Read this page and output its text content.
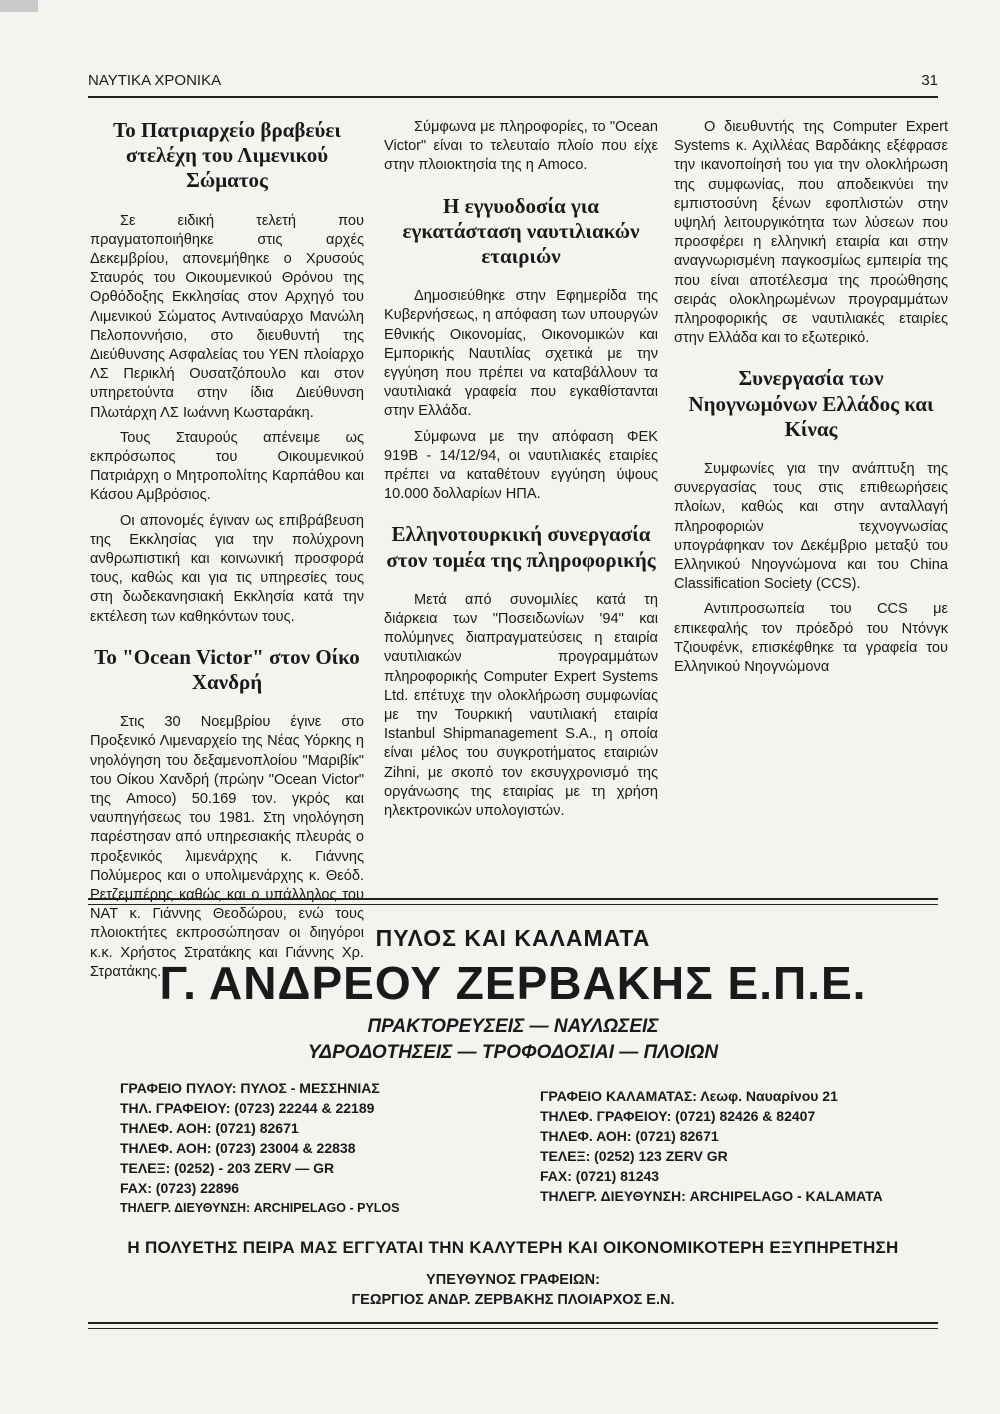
ΝΑΥΤΙΚΑ ΧΡΟΝΙΚΑ	31
Το Πατριαρχείο βραβεύει στελέχη του Λιμενικού Σώματος

Σε ειδική τελετή που πραγματοποιήθηκε στις αρχές Δεκεμβρίου, απονεμήθηκε ο Χρυσούς Σταυρός του Οικουμενικού Θρόνου της Ορθόδοξης Εκκλησίας στον Αρχηγό του Λιμενικού Σώματος Αντιναύαρχο Μανώλη Πελοποννήσιο, στο διευθυντή της Διεύθυνσης Ασφαλείας του ΥΕΝ πλοίαρχο ΛΣ Περικλή Ουσατζόπουλο και στον υπηρετούντα στην ίδια Διεύθυνση Πλωτάρχη ΛΣ Ιωάννη Κωσταράκη.

Τους Σταυρούς απένειμε ως εκπρόσωπος του Οικουμενικού Πατριάρχη ο Μητροπολίτης Καρπάθου και Κάσου Αμβρόσιος.

Οι απονομές έγιναν ως επιβράβευση της Εκκλησίας για την πολύχρονη ανθρωπιστική και κοινωνική προσφορά τους, καθώς και για τις υπηρεσίες τους στη δωδεκανησιακή Εκκλησία κατά την εκτέλεση των καθηκόντων τους.

Το "Ocean Victor" στον Οίκο Χανδρή

Στις 30 Νοεμβρίου έγινε στο Προξενικό Λιμεναρχείο της Νέας Υόρκης η νηολόγηση του δεξαμενοπλοίου "Μαριβίκ" του Οίκου Χανδρή (πρώην "Ocean Victor" της Amoco) 50.169 τον. γκρός και ναυπηγήσεως του 1981. Στη νηολόγηση παρέστησαν από υπηρεσιακής πλευράς ο προξενικός λιμενάρχης κ. Γιάννης Πολύμερος και ο υπολιμενάρχης κ. Θεόδ. Ρετζεμπέρης καθώς και ο υπάλληλος του ΝΑΤ κ. Γιάννης Θεοδώρου, ενώ τους πλοιοκτήτες εκπροσώπησαν οι διηγόροι κ.κ. Χρήστος Στρατάκης και Γιάννης Χρ. Στρατάκης.

Σύμφωνα με πληροφορίες, το "Ocean Victor" είναι το τελευταίο πλοίο που είχε στην πλοιοκτησία της η Amoco.

Η εγγυοδοσία για εγκατάσταση ναυτιλιακών εταιριών

Δημοσιεύθηκε στην Εφημερίδα της Κυβερνήσεως, η απόφαση των υπουργών Εθνικής Οικονομίας, Οικονομικών και Εμπορικής Ναυτιλίας σχετικά με την εγγύηση που πρέπει να καταβάλλουν τα ναυτιλιακά γραφεία που εγκαθίστανται στην Ελλάδα.

Σύμφωνα με την απόφαση ΦΕΚ 919Β - 14/12/94, οι ναυτιλιακές εταιρίες πρέπει να καταθέτουν εγγύηση ύψους 10.000 δολλαρίων ΗΠΑ.

Ελληνοτουρκική συνεργασία στον τομέα της πληροφορικής

Μετά από συνομιλίες κατά τη διάρκεια των "Ποσειδωνίων '94" και πολύμηνες διαπραγματεύσεις η εταιρία ναυτιλιακών προγραμμάτων πληροφορικής Computer Expert Systems Ltd. επέτυχε την ολοκλήρωση συμφωνίας με την Τουρκική ναυτιλιακή εταιρία Istanbul Shipmanagement S.A., η οποία είναι μέλος του συγκροτήματος εταιριών Zihni, με σκοπό τον εκσυγχρονισμό της οργάνωσης της εταιρίας με τη χρήση ηλεκτρονικών υπολογιστών.

Ο διευθυντής της Computer Expert Systems κ. Αχιλλέας Βαρδάκης εξέφρασε την ικανοποίησή του για την ολοκλήρωση της συμφωνίας, που αποδεικνύει την εμπιστοσύνη ξένων εφοπλιστών στην υψηλή λειτουργικότητα των λύσεων που προσφέρει η ελληνική εταιρία και στην αναγνωρισμένη παγκοσμίως εμπειρία της που είναι αποτέλεσμα της προώθησης σειράς ολοκληρωμένων προγραμμάτων πληροφορικής σε ναυτιλιακές εταιρίες στην Ελλάδα και το εξωτερικό.

Συνεργασία των Νηογνωμόνων Ελλάδος και Κίνας

Συμφωνίες για την ανάπτυξη της συνεργασίας τους στις επιθεωρήσεις πλοίων, καθώς και στην ανταλλαγή πληροφοριών τεχνογνωσίας υπογράφηκαν τον Δεκέμβριο μεταξύ του Ελληνικού Νηογνώμονα και του China Classification Society (CCS).

Αντιπροσωπεία του CCS με επικεφαλής τον πρόεδρό του Ντόνγκ Τζιουφένκ, επισκέφθηκε τα γραφεία του Ελληνικού Νηογνώμονα

ΠΥΛΟΣ ΚΑΙ ΚΑΛΑΜΑΤΑ
Γ. ΑΝΔΡΕΟΥ ΖΕΡΒΑΚΗΣ Ε.Π.Ε.
ΠΡΑΚΤΟΡΕΥΣΕΙΣ — ΝΑΥΛΩΣΕΙΣ
ΥΔΡΟΔΟΤΗΣΕΙΣ — ΤΡΟΦΟΔΟΣΙΑΙ — ΠΛΟΙΩΝ
ΓΡΑΦΕΙΟ ΠΥΛΟΥ: ΠΥΛΟΣ - ΜΕΣΣΗΝΙΑΣ
ΤΗΛ. ΓΡΑΦΕΙΟΥ: (0723) 22244 & 22189
ΤΗΛΕΦ. ΑΟΗ: (0721) 82671
ΤΗΛΕΦ. ΑΟΗ: (0723) 23004 & 22838
ΤΕΛΕΞ: (0252) - 203 ZERV — GR
FAX: (0723) 22896
ΤΗΛΕΓΡ. ΔΙΕΥΘΥΝΣΗ: ARCHIPELAGO - PYLOS
ΓΡΑΦΕΙΟ ΚΑΛΑΜΑΤΑΣ: Λεωφ. Ναυαρίνου 21
ΤΗΛΕΦ. ΓΡΑΦΕΙΟΥ: (0721) 82426 & 82407
ΤΗΛΕΦ. ΑΟΗ: (0721) 82671
ΤΕΛΕΞ: (0252) 123 ZERV GR
FAX: (0721) 81243
ΤΗΛΕΓΡ. ΔΙΕΥΘΥΝΣΗ: ARCHIPELAGO - KALAMATA
Η ΠΟΛΥΕΤΗΣ ΠΕΙΡΑ ΜΑΣ ΕΓΓΥΑΤΑΙ ΤΗΝ ΚΑΛΥΤΕΡΗ ΚΑΙ ΟΙΚΟΝΟΜΙΚΟΤΕΡΗ ΕΞΥΠΗΡΕΤΗΣΗ
ΥΠΕΥΘΥΝΟΣ ΓΡΑΦΕΙΩΝ:
ΓΕΩΡΓΙΟΣ ΑΝΔΡ. ΖΕΡΒΑΚΗΣ ΠΛΟΙΑΡΧΟΣ Ε.Ν.
